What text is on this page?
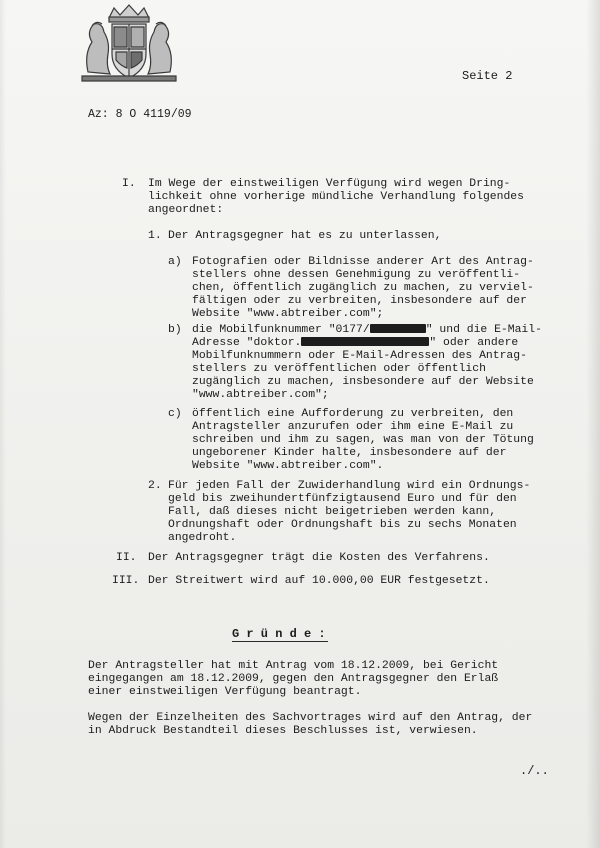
Seite 2
Az: 8 O 4119/09
I. Im Wege der einstweiligen Verfügung wird wegen Dring-
lichkeit ohne vorherige mündliche Verhandlung folgendes
angeordnet:
1. Der Antragsgegner hat es zu unterlassen,
a) Fotografien oder Bildnisse anderer Art des Antrag-
stellers ohne dessen Genehmigung zu veröffentli-
chen, öffentlich zugänglich zu machen, zu verviel-
fältigen oder zu verbreiten, insbesondere auf der
Website "www.abtreiber.com";
b) die Mobilfunknummer "0177/	" und die E-Mail-
Adresse "doktor.	" oder andere
Mobilfunknummern oder E-Mail-Adressen des Antrag-
stellers zu veröffentlichen oder öffentlich
zugänglich zu machen, insbesondere auf der Website
"www.abtreiber.com";
c) öffentlich eine Aufforderung zu verbreiten, den
Antragsteller anzurufen oder ihm eine E-Mail zu
schreiben und ihm zu sagen, was man von der Tötung
ungeborener Kinder halte, insbesondere auf der
Website "www.abtreiber.com".
2. Für jeden Fall der Zuwiderhandlung wird ein Ordnungs-
geld bis zweihundertfünfzigtausend Euro und für den
Fall, daß dieses nicht beigetrieben werden kann,
Ordnungshaft oder Ordnungshaft bis zu sechs Monaten
angedroht.
II. Der Antragsgegner trägt die Kosten des Verfahrens.
III. Der Streitwert wird auf 10.000,00 EUR festgesetzt.
G r ü n d e :
Der Antragsteller hat mit Antrag vom 18.12.2009, bei Gericht
eingegangen am 18.12.2009, gegen den Antragsgegner den Erlaß
einer einstweiligen Verfügung beantragt.
Wegen der Einzelheiten des Sachvortrages wird auf den Antrag, der
in Abdruck Bestandteil dieses Beschlusses ist, verwiesen.
./..
